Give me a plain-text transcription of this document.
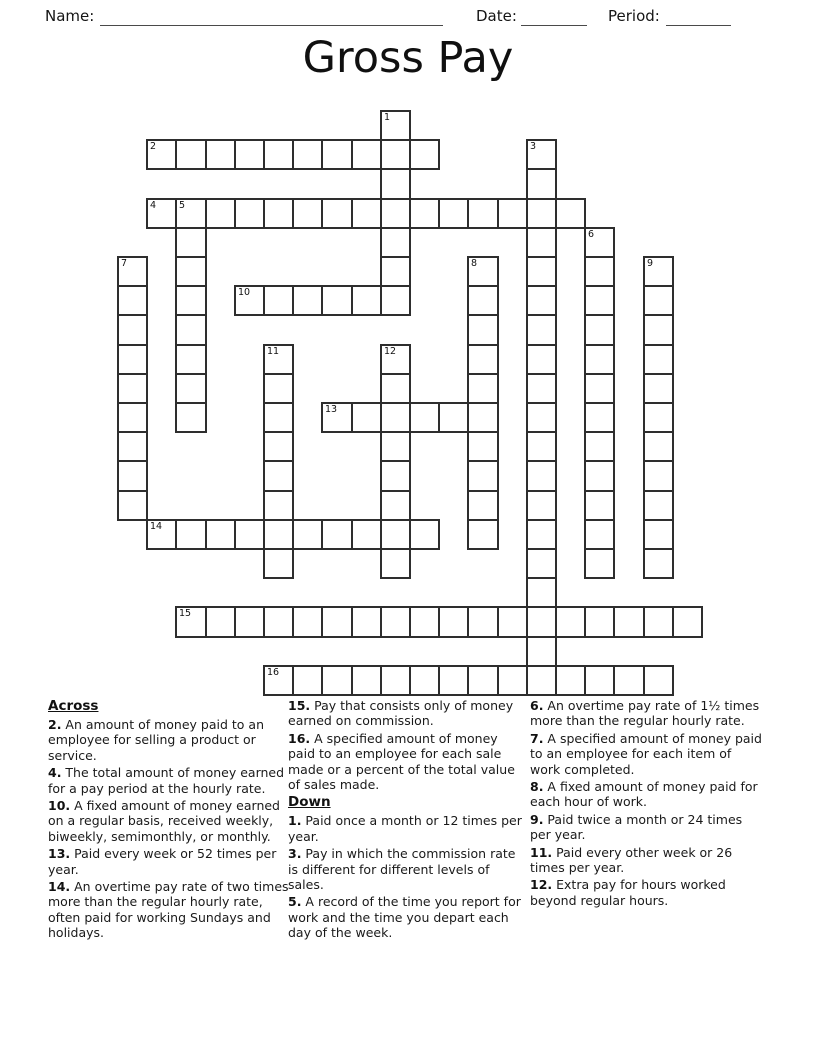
Name:	Date:	Period:
Gross Pay
2
4 5
10
13
14
15
16
1
3
6
7	8	9
11	12
Across

2. An amount of money paid to an employee for selling a product or service.

4. The total amount of money earned for a pay period at the hourly rate.

10. A fixed amount of money earned on a regular basis, received weekly, biweekly, semimonthly, or monthly.

13. Paid every week or 52 times per year.

14. An overtime pay rate of two times more than the regular hourly rate, often paid for working Sundays and holidays.

15. Pay that consists only of money earned on commission.

16. A specified amount of money paid to an employee for each sale made or a percent of the total value of sales made.

Down

1. Paid once a month or 12 times per year.

3. Pay in which the commission rate is different for different levels of sales.

5. A record of the time you report for work and the time you depart each day of the week.

6. An overtime pay rate of 1½ times more than the regular hourly rate.

7. A specified amount of money paid to an employee for each item of work completed.

8. A fixed amount of money paid for each hour of work.

9. Paid twice a month or 24 times per year.

11. Paid every other week or 26 times per year.

12. Extra pay for hours worked beyond regular hours.
